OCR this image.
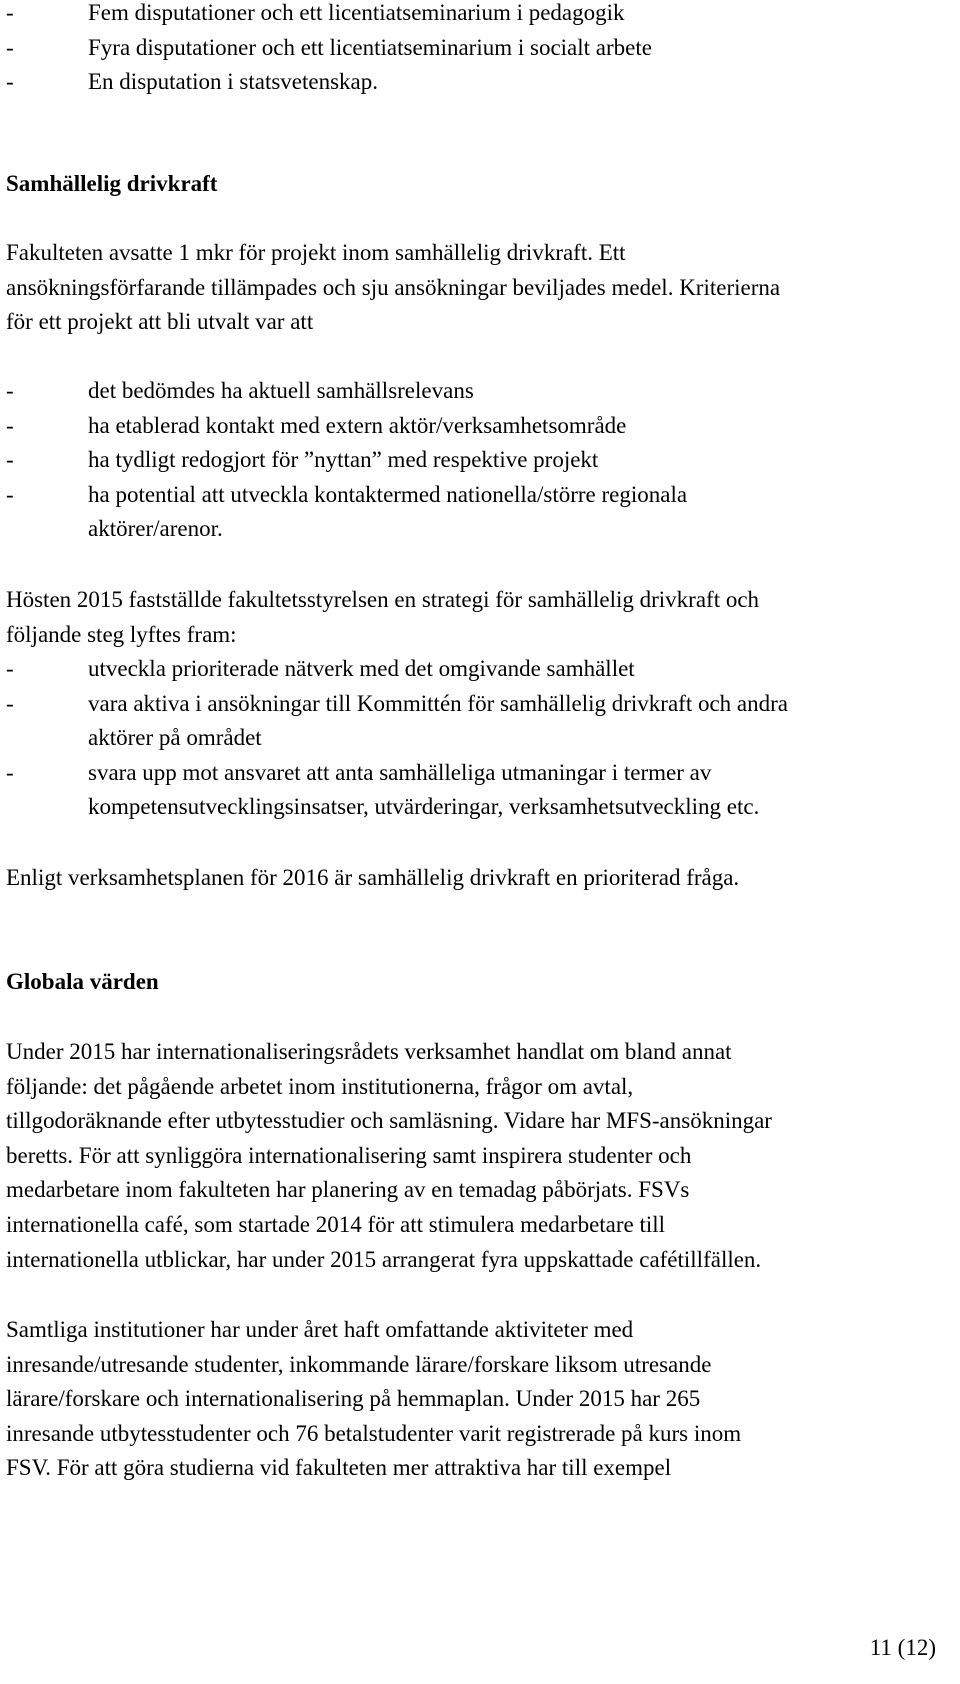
-	Fem disputationer och ett licentiatseminarium i pedagogik
-	Fyra disputationer och ett licentiatseminarium i socialt arbete
-	En disputation i statsvetenskap.

Samhällelig drivkraft

Fakulteten avsatte 1 mkr för projekt inom samhällelig drivkraft. Ett

ansökningsförfarande tillämpades och sju ansökningar beviljades medel. Kriterierna

för ett projekt att bli utvalt var att

-	det bedömdes ha aktuell samhällsrelevans
-	ha etablerad kontakt med extern aktör/verksamhetsområde
-	ha tydligt redogjort för ”nyttan” med respektive projekt
-	ha potential att utveckla kontaktermed nationella/större regionala
aktörer/arenor.

Hösten 2015 fastställde fakultetsstyrelsen en strategi för samhällelig drivkraft och

följande steg lyftes fram:

-	utveckla prioriterade nätverk med det omgivande samhället
-	vara aktiva i ansökningar till Kommittén för samhällelig drivkraft och andra
aktörer på området
-	svara upp mot ansvaret att anta samhälleliga utmaningar i termer av
kompetensutvecklingsinsatser, utvärderingar, verksamhetsutveckling etc.

Enligt verksamhetsplanen för 2016 är samhällelig drivkraft en prioriterad fråga.

Globala värden

Under 2015 har internationaliseringsrådets verksamhet handlat om bland annat

följande: det pågående arbetet inom institutionerna, frågor om avtal,

tillgodoräknande efter utbytesstudier och samläsning. Vidare har MFS-ansökningar

beretts. För att synliggöra internationalisering samt inspirera studenter och

medarbetare inom fakulteten har planering av en temadag påbörjats. FSVs

internationella café, som startade 2014 för att stimulera medarbetare till

internationella utblickar, har under 2015 arrangerat fyra uppskattade cafétillfällen.

Samtliga institutioner har under året haft omfattande aktiviteter med

inresande/utresande studenter, inkommande lärare/forskare liksom utresande

lärare/forskare och internationalisering på hemmaplan. Under 2015 har 265

inresande utbytesstudenter och 76 betalstudenter varit registrerade på kurs inom

FSV. För att göra studierna vid fakulteten mer attraktiva har till exempel

11 (12)
